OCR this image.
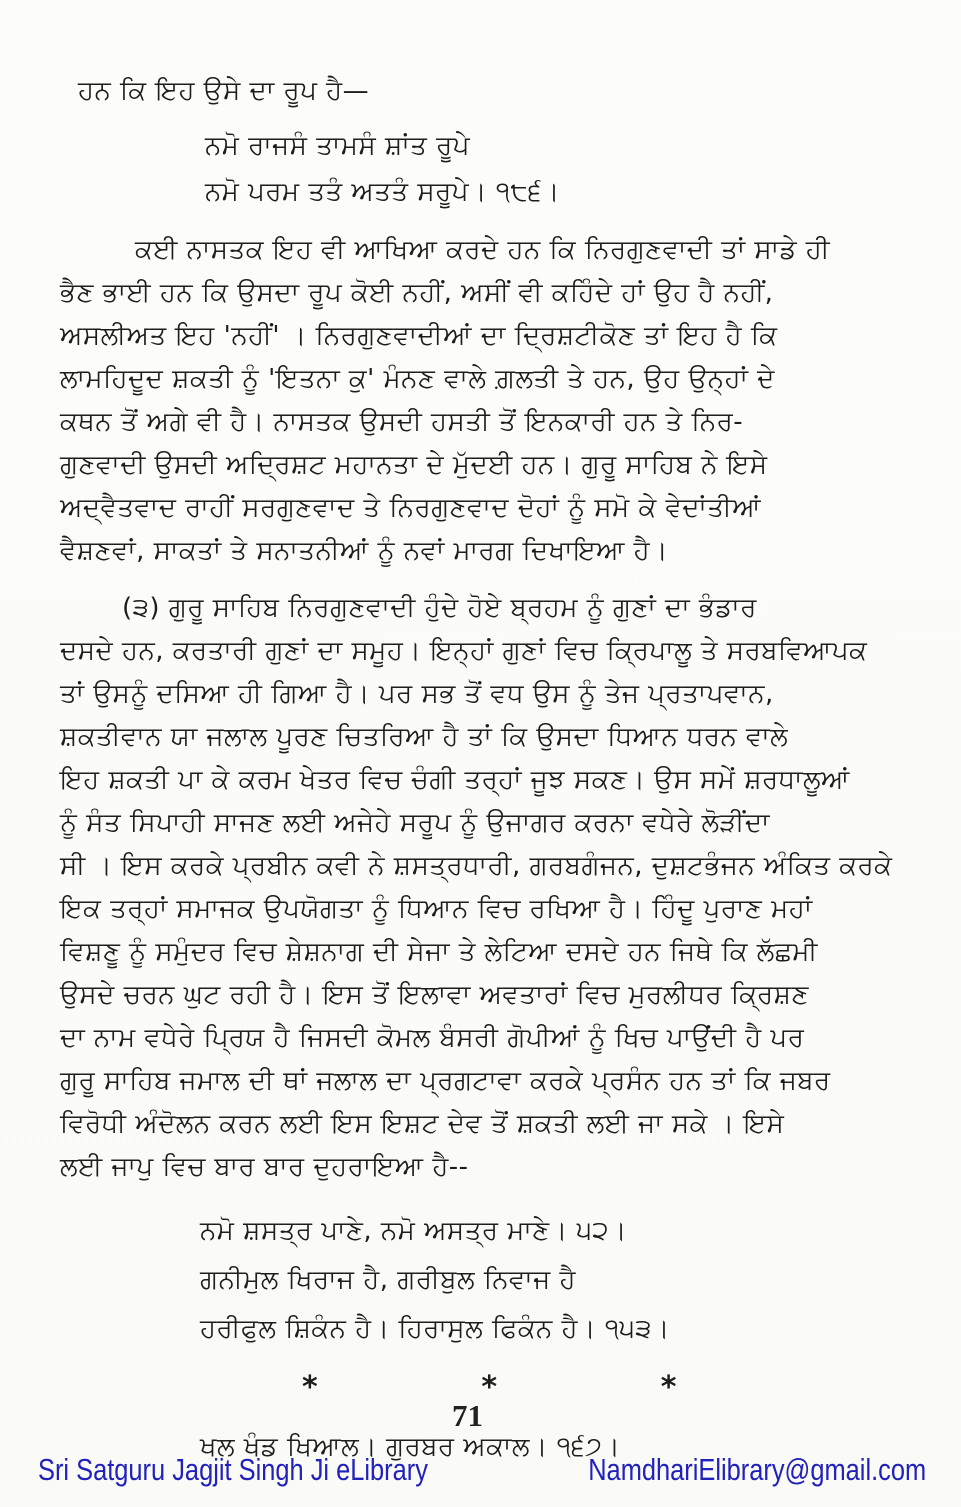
ਹਨ ਕਿ ਇਹ ਉਸੇ ਦਾ ਰੂਪ ਹੈ—
ਨਮੋ ਰਾਜਸੰ ਤਾਮਸੰ ਸ਼ਾਂਤ ਰੂਪੇ
ਨਮੋ ਪਰਮ ਤਤੰ ਅਤਤੰ ਸਰੂਪੇ। ੧੮੬।
ਕਈ ਨਾਸਤਕ ਇਹ ਵੀ ਆਖਿਆ ਕਰਦੇ ਹਨ ਕਿ ਨਿਰਗੁਣਵਾਦੀ ਤਾਂ ਸਾਡੇ ਹੀ
ਭੈਣ ਭਾਈ ਹਨ ਕਿ ਉਸਦਾ ਰੂਪ ਕੋਈ ਨਹੀਂ, ਅਸੀਂ ਵੀ ਕਹਿੰਦੇ ਹਾਂ ਉਹ ਹੈ ਨਹੀਂ,
ਅਸਲੀਅਤ ਇਹ 'ਨਹੀਂ' । ਨਿਰਗੁਣਵਾਦੀਆਂ ਦਾ ਦ੍ਰਿਸ਼ਟੀਕੋਣ ਤਾਂ ਇਹ ਹੈ ਕਿ
ਲਾਮਹਿਦੂਦ ਸ਼ਕਤੀ ਨੂੰ 'ਇਤਨਾ ਕੁ' ਮੰਨਣ ਵਾਲੇ ਗ਼ਲਤੀ ਤੇ ਹਨ, ਉਹ ਉਨ੍ਹਾਂ ਦੇ
ਕਥਨ ਤੋਂ ਅਗੇ ਵੀ ਹੈ। ਨਾਸਤਕ ਉਸਦੀ ਹਸਤੀ ਤੋਂ ਇਨਕਾਰੀ ਹਨ ਤੇ ਨਿਰ-
ਗੁਣਵਾਦੀ ਉਸਦੀ ਅਦ੍ਰਿਸ਼ਟ ਮਹਾਨਤਾ ਦੇ ਮੁੱਦਈ ਹਨ। ਗੁਰੂ ਸਾਹਿਬ ਨੇ ਇਸੇ
ਅਦ੍ਵੈਤਵਾਦ ਰਾਹੀਂ ਸਰਗੁਣਵਾਦ ਤੇ ਨਿਰਗੁਣਵਾਦ ਦੋਹਾਂ ਨੂੰ ਸਮੋ ਕੇ ਵੇਦਾਂਤੀਆਂ
ਵੈਸ਼ਣਵਾਂ, ਸਾਕਤਾਂ ਤੇ ਸਨਾਤਨੀਆਂ ਨੂੰ ਨਵਾਂ ਮਾਰਗ ਦਿਖਾਇਆ ਹੈ।
(੩) ਗੁਰੂ ਸਾਹਿਬ ਨਿਰਗੁਣਵਾਦੀ ਹੁੰਦੇ ਹੋਏ ਬ੍ਰਹਮ ਨੂੰ ਗੁਣਾਂ ਦਾ ਭੰਡਾਰ
ਦਸਦੇ ਹਨ, ਕਰਤਾਰੀ ਗੁਣਾਂ ਦਾ ਸਮੂਹ। ਇਨ੍ਹਾਂ ਗੁਣਾਂ ਵਿਚ ਕ੍ਰਿਪਾਲੂ ਤੇ ਸਰਬਵਿਆਪਕ
ਤਾਂ ਉਸਨੂੰ ਦਸਿਆ ਹੀ ਗਿਆ ਹੈ। ਪਰ ਸਭ ਤੋਂ ਵਧ ਉਸ ਨੂੰ ਤੇਜ ਪ੍ਰਤਾਪਵਾਨ,
ਸ਼ਕਤੀਵਾਨ ਯਾ ਜਲਾਲ ਪੂਰਣ ਚਿਤਰਿਆ ਹੈ ਤਾਂ ਕਿ ਉਸਦਾ ਧਿਆਨ ਧਰਨ ਵਾਲੇ
ਇਹ ਸ਼ਕਤੀ ਪਾ ਕੇ ਕਰਮ ਖੇਤਰ ਵਿਚ ਚੰਗੀ ਤਰ੍ਹਾਂ ਜੂਝ ਸਕਣ। ਉਸ ਸਮੇਂ ਸ਼ਰਧਾਲੂਆਂ
ਨੂੰ ਸੰਤ ਸਿਪਾਹੀ ਸਾਜਣ ਲਈ ਅਜੇਹੇ ਸਰੂਪ ਨੂੰ ਉਜਾਗਰ ਕਰਨਾ ਵਧੇਰੇ ਲੋੜੀਂਦਾ
ਸੀ । ਇਸ ਕਰਕੇ ਪ੍ਰਬੀਨ ਕਵੀ ਨੇ ਸ਼ਸਤ੍ਰਧਾਰੀ, ਗਰਬਗੰਜਨ, ਦੁਸ਼ਟਭੰਜਨ ਅੰਕਿਤ ਕਰਕੇ
ਇਕ ਤਰ੍ਹਾਂ ਸਮਾਜਕ ਉਪਯੋਗਤਾ ਨੂੰ ਧਿਆਨ ਵਿਚ ਰਖਿਆ ਹੈ। ਹਿੰਦੂ ਪੁਰਾਣ ਮਹਾਂ
ਵਿਸ਼ਣੂ ਨੂੰ ਸਮੁੰਦਰ ਵਿਚ ਸ਼ੇਸ਼ਨਾਗ ਦੀ ਸੇਜਾ ਤੇ ਲੇਟਿਆ ਦਸਦੇ ਹਨ ਜਿਥੇ ਕਿ ਲੱਛਮੀ
ਉਸਦੇ ਚਰਨ ਘੁਟ ਰਹੀ ਹੈ। ਇਸ ਤੋਂ ਇਲਾਵਾ ਅਵਤਾਰਾਂ ਵਿਚ ਮੁਰਲੀਧਰ ਕ੍ਰਿਸ਼ਣ
ਦਾ ਨਾਮ ਵਧੇਰੇ ਪ੍ਰਿਯ ਹੈ ਜਿਸਦੀ ਕੋਮਲ ਬੰਸਰੀ ਗੋਪੀਆਂ ਨੂੰ ਖਿਚ ਪਾਉਂਦੀ ਹੈ ਪਰ
ਗੁਰੂ ਸਾਹਿਬ ਜਮਾਲ ਦੀ ਥਾਂ ਜਲਾਲ ਦਾ ਪ੍ਰਗਟਾਵਾ ਕਰਕੇ ਪ੍ਰਸੰਨ ਹਨ ਤਾਂ ਕਿ ਜਬਰ
ਵਿਰੋਧੀ ਅੰਦੋਲਨ ਕਰਨ ਲਈ ਇਸ ਇਸ਼ਟ ਦੇਵ ਤੋਂ ਸ਼ਕਤੀ ਲਈ ਜਾ ਸਕੇ । ਇਸੇ
ਲਈ ਜਾਪੁ ਵਿਚ ਬਾਰ ਬਾਰ ਦੁਹਰਾਇਆ ਹੈ--
ਨਮੋ ਸ਼ਸਤ੍ਰ ਪਾਣੇ, ਨਮੋ ਅਸਤ੍ਰ ਮਾਣੇ। ੫੨।
ਗਨੀਮੁਲ ਖਿਰਾਜ ਹੈ, ਗਰੀਬੁਲ ਨਿਵਾਜ ਹੈ
ਹਰੀਫੁਲ ਸ਼ਿਕੰਨ ਹੈ। ਹਿਰਾਸੁਲ ਫਿਕੰਨ ਹੈ। ੧੫੩।
*	*	*
ਖਲ ਖੰਡ ਖਿਆਲ। ਗੁਰਬਰ ਅਕਾਲ। ੧੬੭।
71
Sri Satguru Jagjit Singh Ji eLibrary	NamdhariElibrary@gmail.com
